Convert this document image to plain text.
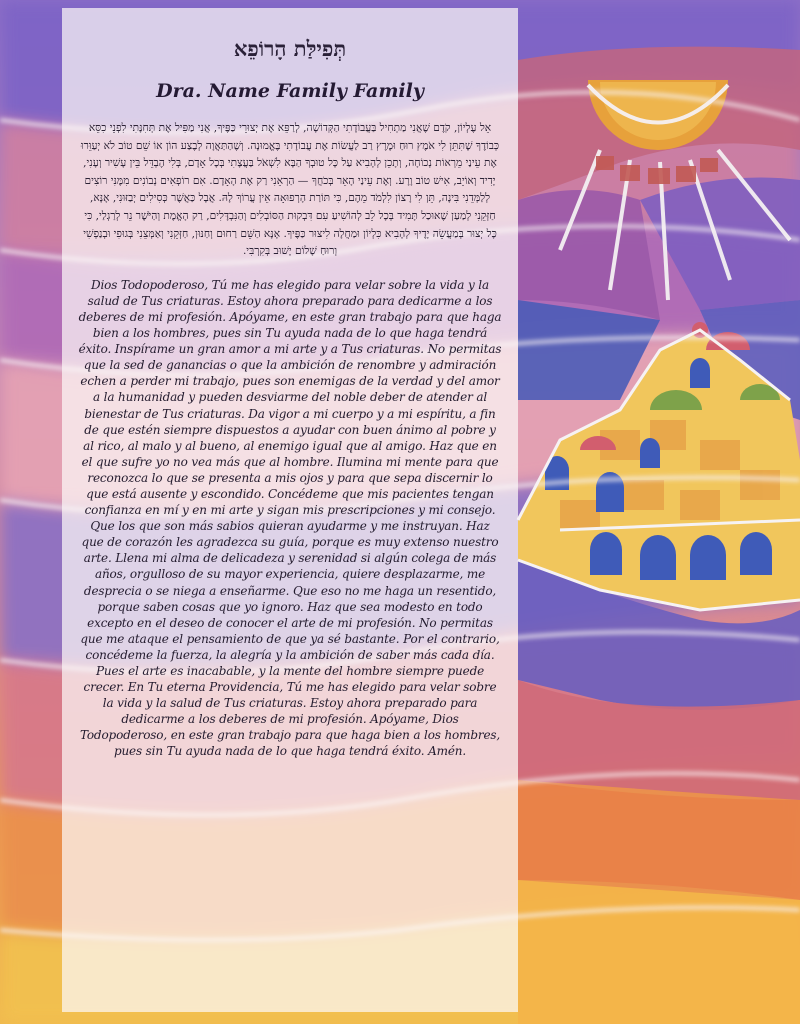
תְּפִילַּת הָרוֹפֵא
Dra. Name Family Family

אֵל עֶלְיוֹן, קֹדֶם שֶׁאֲנִי מַתְחִיל בַּעֲבוֹדָתִי הַקְּדוֹשָׁה, לְרַפֵּא אֶת יְצוּרֵי כַּפֶּיךָ, אֲנִי מַפִּיל אֶת תְּחִנָּתִי לִפְנֵי כִסֵּא כְּבוֹדֶךָ שֶׁתִּתֵּן לִי אֹמֶץ רוּחַ וּמֶרֶץ רַב לַעֲשׂוֹת אֶת עֲבוֹדָתִי בֶּאֱמוּנָה. וְשֶׁהַתַּאֲוָה לְבֶצַע הוֹן אוֹ שֵׁם טוֹב לֹא יְעַוֵּרוּ אֶת עֵינַי מֵרְאוֹת נְכוֹחָה, וְתָכֵן לְהָבִיא עַל כָּל טוּבְךָ הַבָּא לִשְׁאֹל בַּעֲצָתִי בְּכָל אָדָם, בְּלִי הֶבְדֵּל בֵּין עָשִׁיר וְעָנִי, יָדִיד וְאוֹיֵב, אִישׁ טוֹב וָרָע. וְאֶת עֵינַי הָאֵר בְּכֹחֲךָ — הַרְאֵנִי רַק אֶת הָאָדָם. אִם רוֹפְאִים נְבוֹנִים מִמֶּנִּי רוֹצִים לְלַמְּדֵנִי בִּינָה, תֵּן לִי רָצוֹן לִלְמֹד מֵהֶם, כִּי תּוֹרַת הָרְפוּאָה אֵין עֲרוֹךְ לָהּ. אֲבָל כַּאֲשֶׁר כְּסִילִים יְבַזּוּנִי, אָנָּא, חַזְּקֵנִי לְמַעַן שֶׁאוּכַל תָּמִיד בְּכָל לֵב לְהוֹשִׁיעַ עִם דִּבְקוּת הַסּוֹבְלִים וְהַנִּבְדָּלִים, רַק הָאֱמֶת וְהַיֹּשֶׁר נֵר לְרַגְלַי, כִּי כָּל יְצוּר בְּמַעֲשֵׂה יָדֶיךָ לְהָבִיא כִּלְיוֹן וּמַחֲלָה לִיצוּר כַּפֶּיךָ. אָנָּא הַשֵּׁם רַחוּם וְחַנּוּן, חַזְּקֵנִי וְאַמְּצֵנִי בְּגוּפִי וּבְנַפְשִׁי וְרוּחַ שָׁלוֹם יָשׁוּב בְּקִרְבִּי.

Dios Todopoderoso, Tú me has elegido para velar sobre la vida y la salud de Tus criaturas. Estoy ahora preparado para dedicarme a los deberes de mi profesión. Apóyame, en este gran trabajo para que haga bien a los hombres, pues sin Tu ayuda nada de lo que haga tendrá éxito. Inspírame un gran amor a mi arte y a Tus criaturas. No permitas que la sed de ganancias o que la ambición de renombre y admiración echen a perder mi trabajo, pues son enemigas de la verdad y del amor a la humanidad y pueden desviarme del noble deber de atender al bienestar de Tus criaturas. Da vigor a mi cuerpo y a mi espíritu, a fin de que estén siempre dispuestos a ayudar con buen ánimo al pobre y al rico, al malo y al bueno, al enemigo igual que al amigo. Haz que en el que sufre yo no vea más que al hombre. Ilumina mi mente para que reconozca lo que se presenta a mis ojos y para que sepa discernir lo que está ausente y escondido. Concédeme que mis pacientes tengan confianza en mí y en mi arte y sigan mis prescripciones y mi consejo. Que los que son más sabios quieran ayudarme y me instruyan. Haz que de corazón les agradezca su guía, porque es muy extenso nuestro arte. Llena mi alma de delicadeza y serenidad si algún colega de más años, orgulloso de su mayor experiencia, quiere desplazarme, me desprecia o se niega a enseñarme. Que eso no me haga un resentido, porque saben cosas que yo ignoro. Haz que sea modesto en todo excepto en el deseo de conocer el arte de mi profesión. No permitas que me ataque el pensamiento de que ya sé bastante. Por el contrario, concédeme la fuerza, la alegría y la ambición de saber más cada día. Pues el arte es inacabable, y la mente del hombre siempre puede crecer. En Tu eterna Providencia, Tú me has elegido para velar sobre la vida y la salud de Tus criaturas. Estoy ahora preparado para dedicarme a los deberes de mi profesión. Apóyame, Dios Todopoderoso, en este gran trabajo para que haga bien a los hombres, pues sin Tu ayuda nada de lo que haga tendrá éxito. Amén.
